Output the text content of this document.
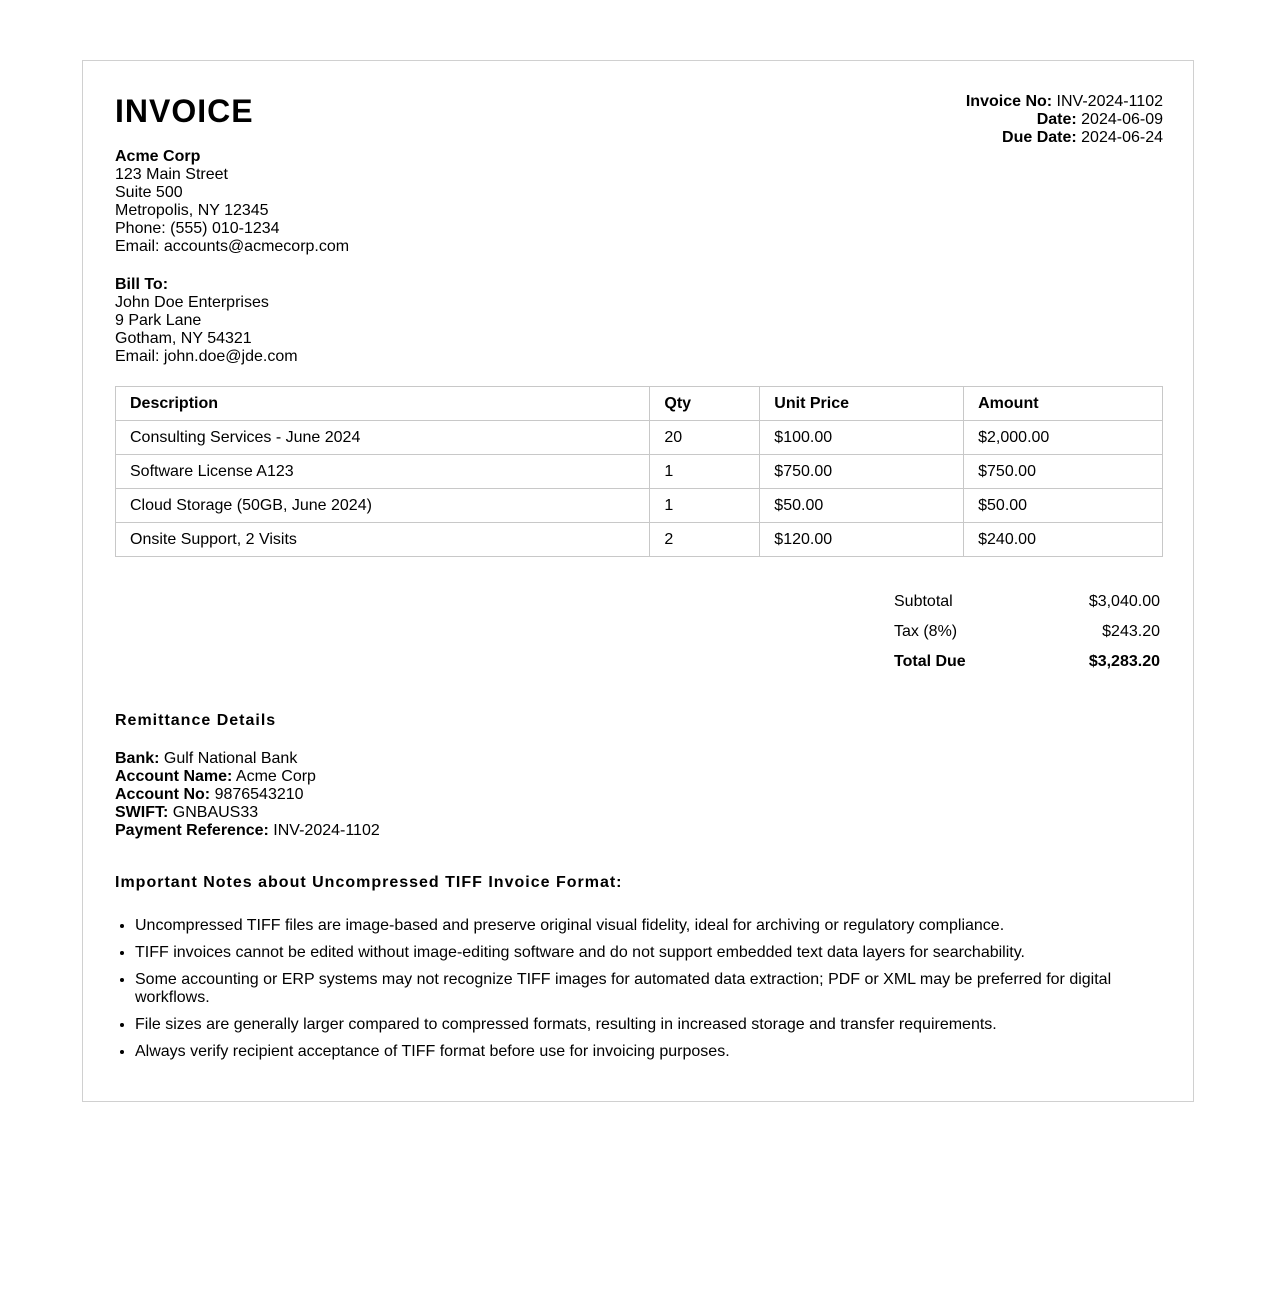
INVOICE	Invoice No: INV-2024-1102
Date: 2024-06-09
Due Date: 2024-06-24
Acme Corp
123 Main Street
Suite 500
Metropolis, NY 12345
Phone: (555) 010-1234
Email: accounts@acmecorp.com
Bill To:
John Doe Enterprises
9 Park Lane
Gotham, NY 54321
Email: john.doe@jde.com
Description	Qty	Unit Price	Amount
Consulting Services - June 2024	20	$100.00	$2,000.00
Software License A123	1	$750.00	$750.00
Cloud Storage (50GB, June 2024)	1	$50.00	$50.00
Onsite Support, 2 Visits	2	$120.00	$240.00
Subtotal	$3,040.00
Tax (8%)	$243.20
Total Due	$3,283.20
Remittance Details
Bank: Gulf National Bank
Account Name: Acme Corp
Account No: 9876543210
SWIFT: GNBAUS33
Payment Reference: INV-2024-1102
Important Notes about Uncompressed TIFF Invoice Format:
• Uncompressed TIFF files are image-based and preserve original visual fidelity, ideal for archiving or regulatory compliance.
• TIFF invoices cannot be edited without image-editing software and do not support embedded text data layers for searchability.
• Some accounting or ERP systems may not recognize TIFF images for automated data extraction; PDF or XML may be preferred for digital workflows.
• File sizes are generally larger compared to compressed formats, resulting in increased storage and transfer requirements.
• Always verify recipient acceptance of TIFF format before use for invoicing purposes.
